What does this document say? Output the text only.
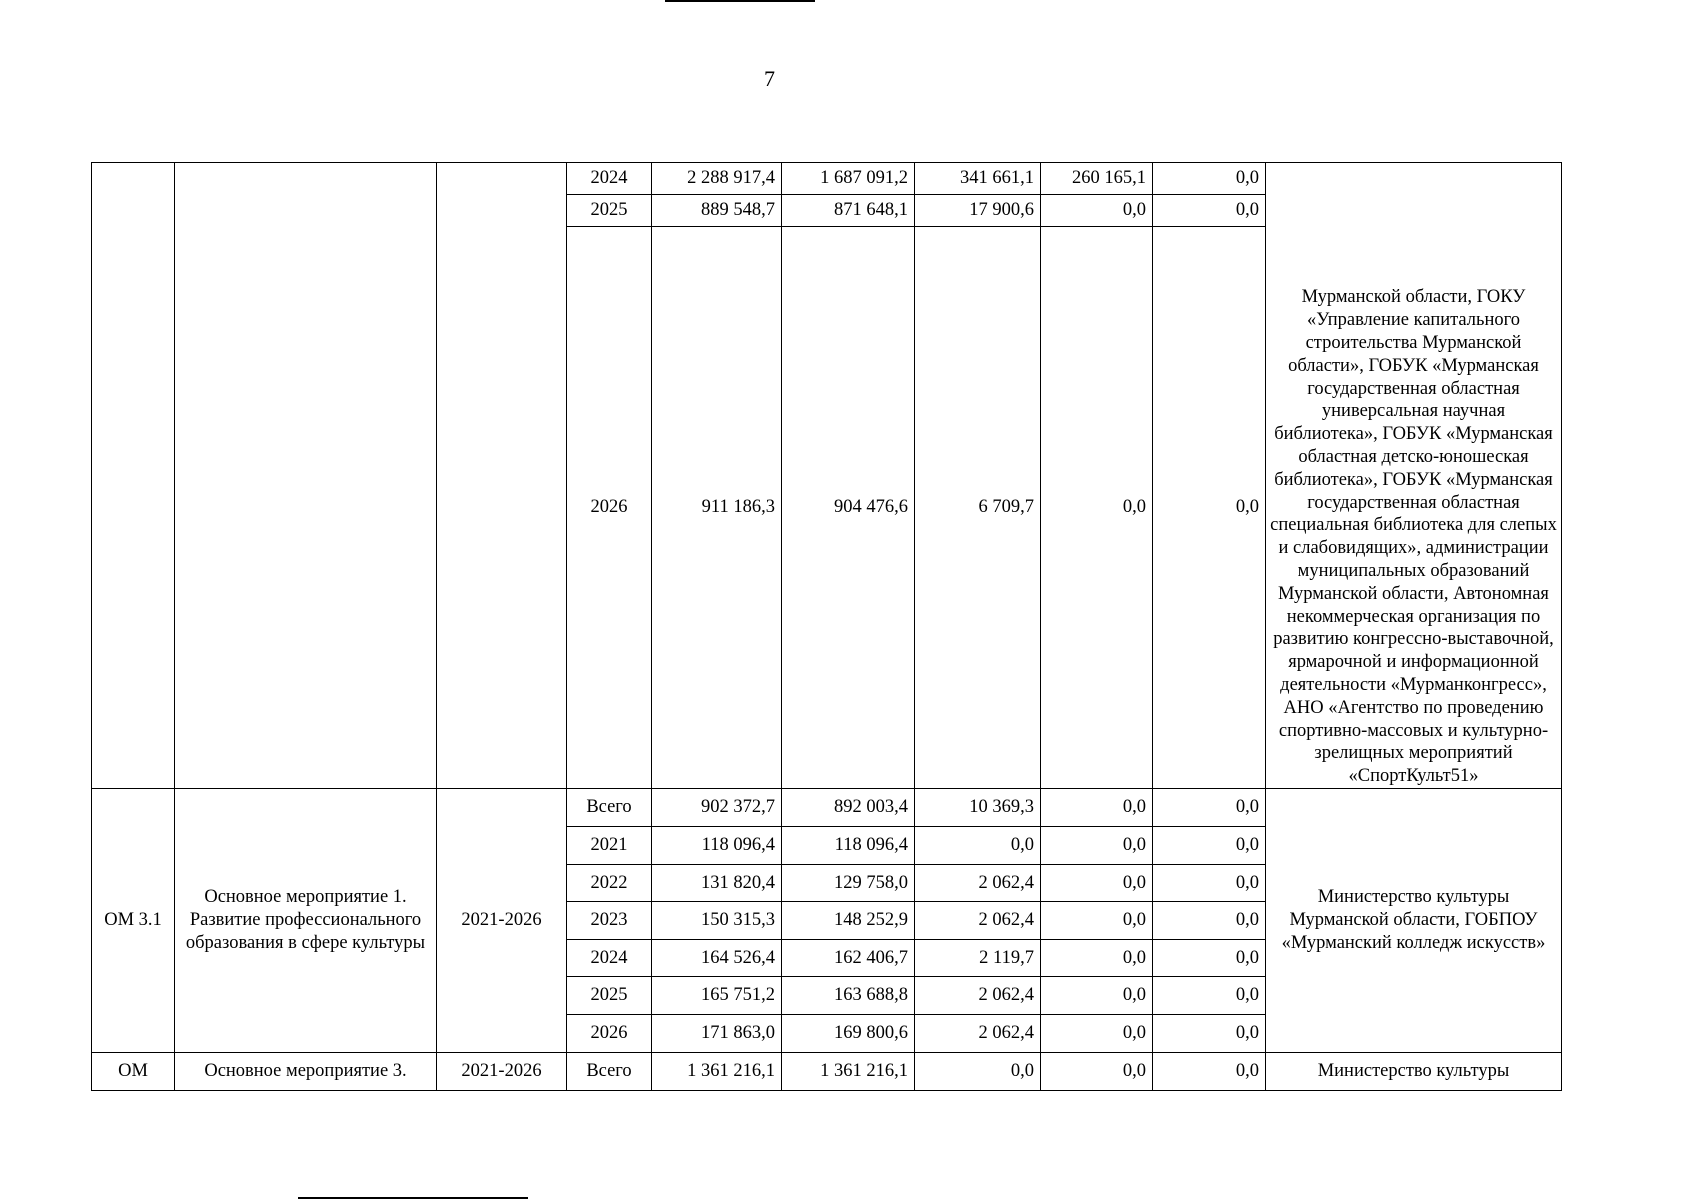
7
			2024	2 288 917,4	1 687 091,2	341 661,1	260 165,1	0,0	Мурманской области, ГОКУ «Управление капитального строительства Мурманской области», ГОБУК «Мурманская государственная областная универсальная научная библиотека», ГОБУК «Мурманская областная детско-юношеская библиотека», ГОБУК «Мурманская государственная областная специальная библиотека для слепых и слабовидящих», администрации муниципальных образований Мурманской области, Автономная некоммерческая организация по развитию конгрессно-выставочной, ярмарочной и информационной деятельности «Мурманконгресс», АНО «Агентство по проведению спортивно-массовых и культурно-зрелищных мероприятий «СпортКульт51»
			2025	889 548,7	871 648,1	17 900,6	0,0	0,0	
			2026	911 186,3	904 476,6	6 709,7	0,0	0,0	
ОМ 3.1	Основное мероприятие 1. Развитие профессионального образования в сфере культуры	2021-2026	Всего	902 372,7	892 003,4	10 369,3	0,0	0,0	Министерство культуры Мурманской области, ГОБПОУ «Мурманский колледж искусств»
			2021	118 096,4	118 096,4	0,0	0,0	0,0	
			2022	131 820,4	129 758,0	2 062,4	0,0	0,0	
			2023	150 315,3	148 252,9	2 062,4	0,0	0,0	
			2024	164 526,4	162 406,7	2 119,7	0,0	0,0	
			2025	165 751,2	163 688,8	2 062,4	0,0	0,0	
			2026	171 863,0	169 800,6	2 062,4	0,0	0,0	
ОМ	Основное мероприятие 3.	2021-2026	Всего	1 361 216,1	1 361 216,1	0,0	0,0	0,0	Министерство культуры
